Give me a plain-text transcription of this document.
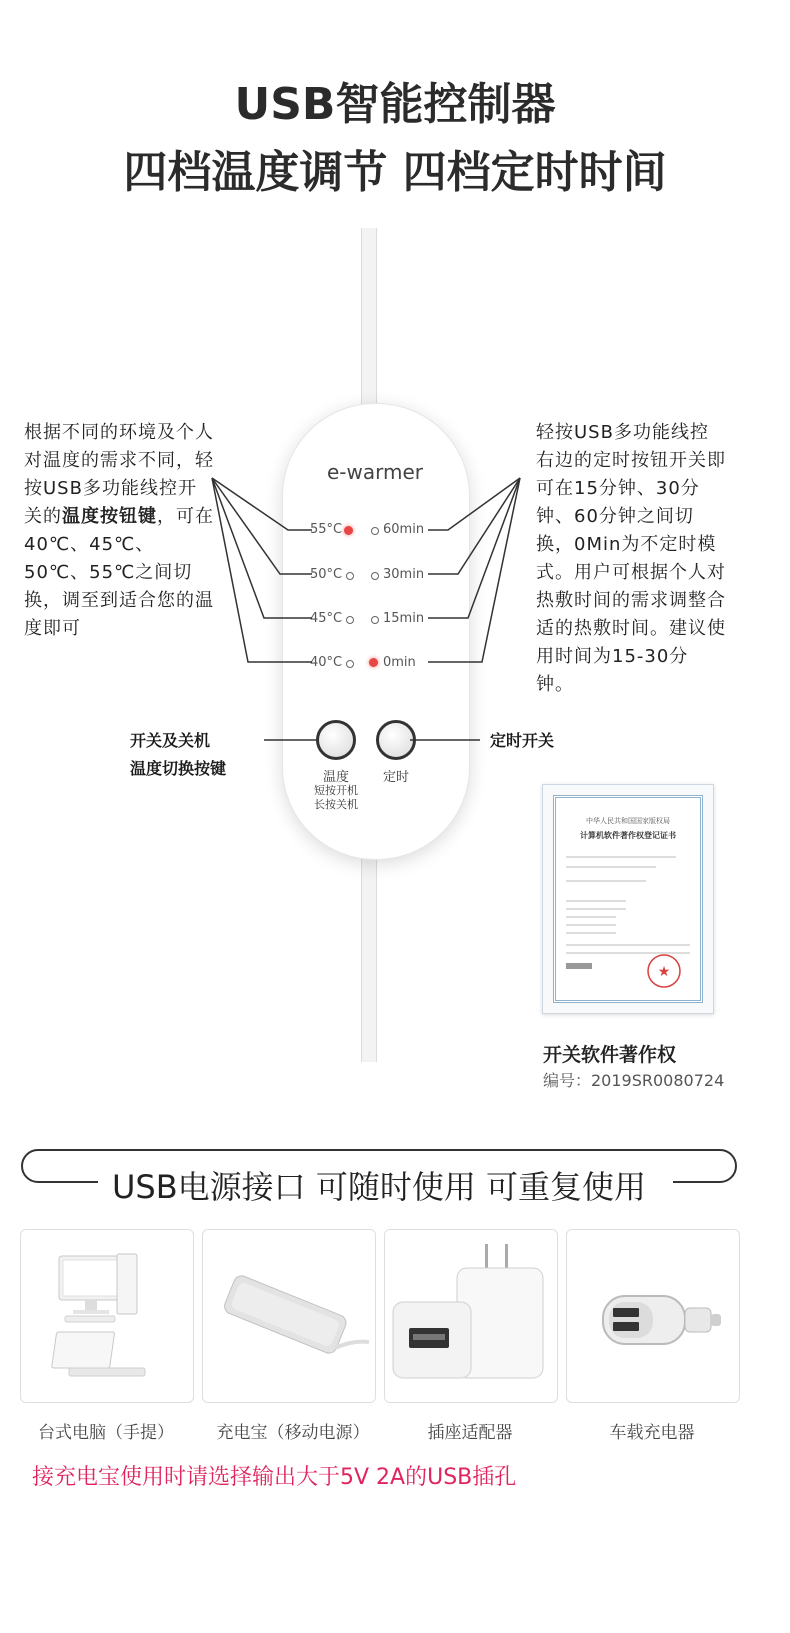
USB智能控制器
四档温度调节 四档定时时间
e-warmer
55°C	60min
50°C	30min
45°C	15min
40°C	0min
温度
短按开机
长按关机
定时
根据不同的环境及个人对温度的需求不同，轻按USB多功能线控开关的温度按钮键，可在40℃、45℃、50℃、55℃之间切换，调至到适合您的温度即可
轻按USB多功能线控右边的定时按钮开关即可在15分钟、30分钟、60分钟之间切换，0Min为不定时模式。用户可根据个人对热敷时间的需求调整合适的热敷时间。建议使用时间为15-30分钟。
开关及关机
温度切换按键
定时开关
中华人民共和国国家版权局
计算机软件著作权登记证书
★
开关软件著作权
编号：2019SR0080724
USB电源接口 可随时使用 可重复使用
台式电脑（手提）	充电宝（移动电源）	插座适配器	车载充电器
接充电宝使用时请选择输出大于5V 2A的USB插孔
